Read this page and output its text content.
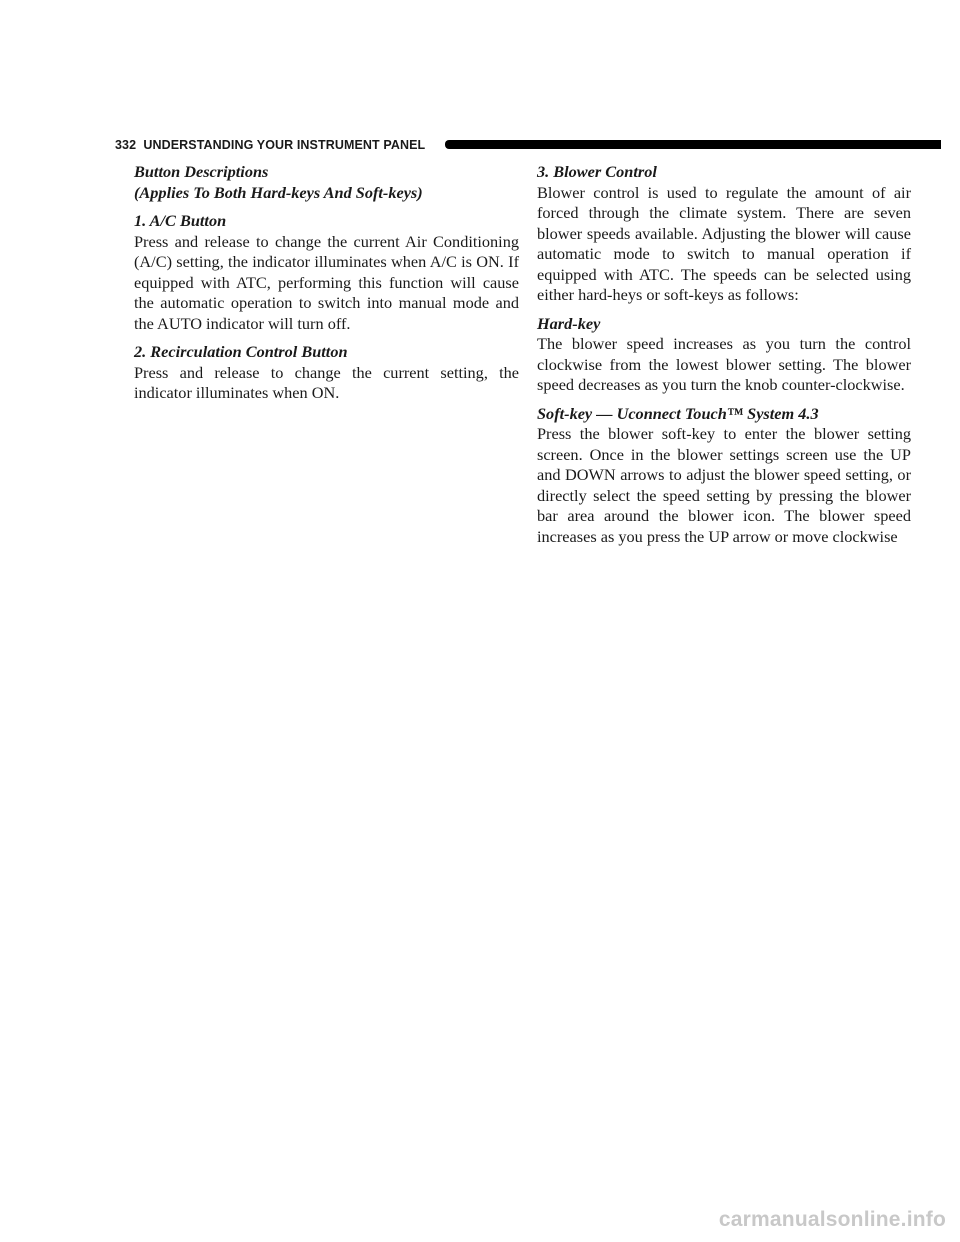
332 UNDERSTANDING YOUR INSTRUMENT PANEL

Button Descriptions

(Applies To Both Hard-keys And Soft-keys)

1. A/C Button

Press and release to change the current Air Conditioning (A/C) setting, the indicator illuminates when A/C is ON. If equipped with ATC, performing this function will cause the automatic operation to switch into manual mode and the AUTO indicator will turn off.

2. Recirculation Control Button

Press and release to change the current setting, the indicator illuminates when ON.

3. Blower Control

Blower control is used to regulate the amount of air forced through the climate system. There are seven blower speeds available. Adjusting the blower will cause automatic mode to switch to manual operation if equipped with ATC. The speeds can be selected using either hard-heys or soft-keys as follows:

Hard-key

The blower speed increases as you turn the control clockwise from the lowest blower setting. The blower speed decreases as you turn the knob counter-clockwise.

Soft-key — Uconnect Touch™ System 4.3

Press the blower soft-key to enter the blower setting screen. Once in the blower settings screen use the UP and DOWN arrows to adjust the blower speed setting, or directly select the speed setting by pressing the blower bar area around the blower icon. The blower speed increases as you press the UP arrow or move clockwise

carmanualsonline.info
